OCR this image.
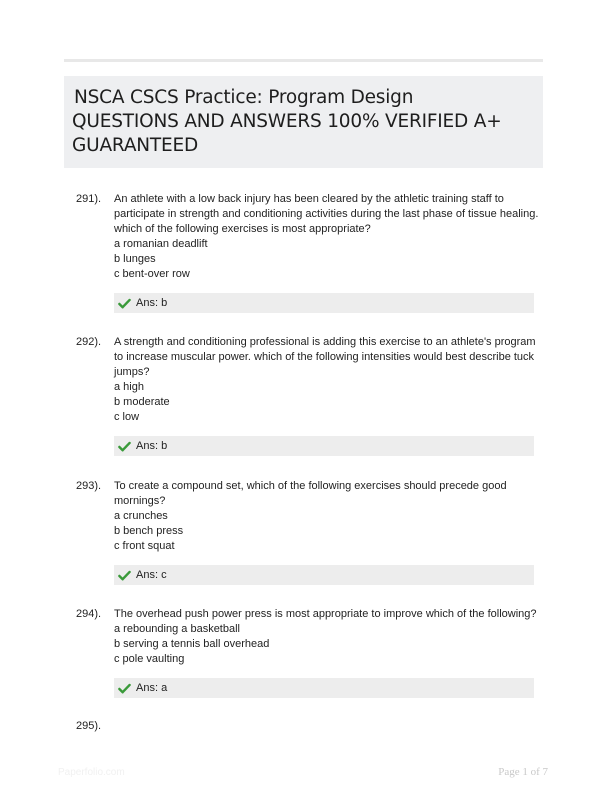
NSCA CSCS Practice: Program Design
QUESTIONS AND ANSWERS 100% VERIFIED A+
GUARANTEED
291). An athlete with a low back injury has been cleared by the athletic training staff to
participate in strength and conditioning activities during the last phase of tissue healing.
which of the following exercises is most appropriate?
a romanian deadlift
b lunges
c bent-over row
Ans: b
292). A strength and conditioning professional is adding this exercise to an athlete's program
to increase muscular power. which of the following intensities would best describe tuck
jumps?
a high
b moderate
c low
Ans: b
293). To create a compound set, which of the following exercises should precede good
mornings?
a crunches
b bench press
c front squat
Ans: c
294). The overhead push power press is most appropriate to improve which of the following?
a rebounding a basketball
b serving a tennis ball overhead
c pole vaulting
Ans: a
295).
Paperfolio.com	Page 1 of 7
